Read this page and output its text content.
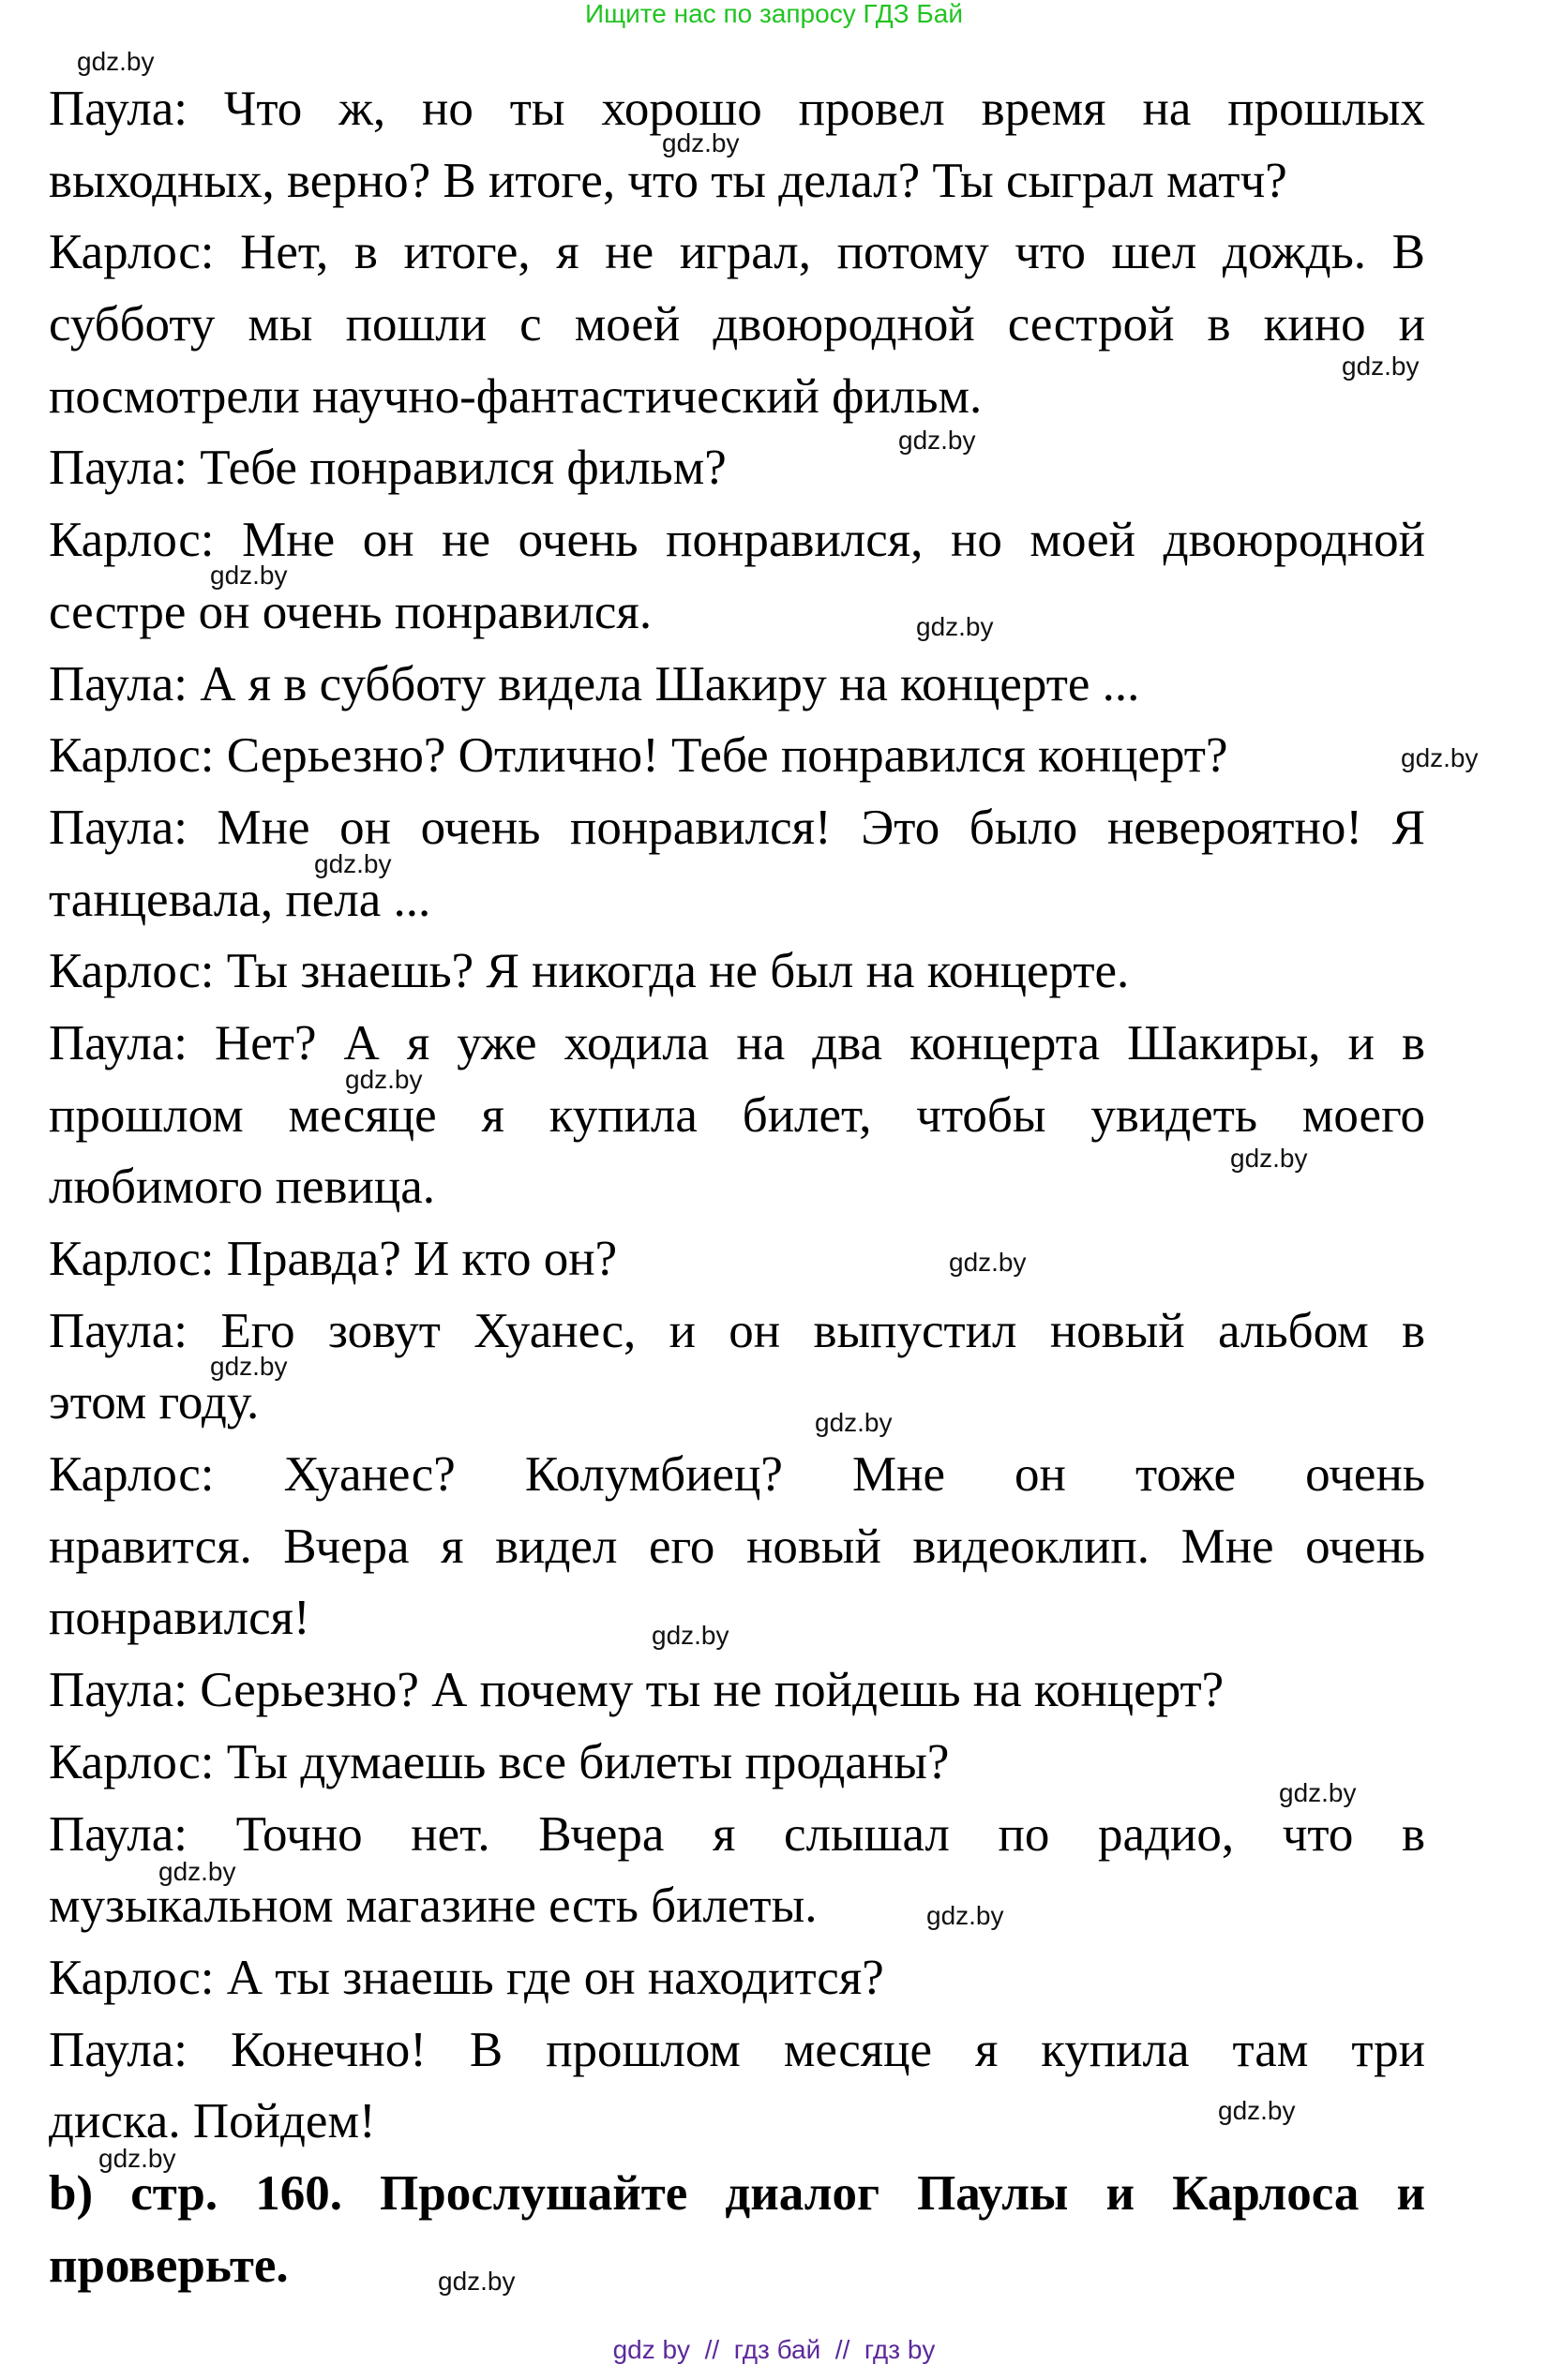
Ищите нас по запросу ГДЗ Бай
Паула: Что ж, но ты хорошо провел время на прошлых
выходных, верно? В итоге, что ты делал? Ты сыграл матч?
Карлос: Нет, в итоге, я не играл, потому что шел дождь. В
субботу мы пошли с моей двоюродной сестрой в кино и
посмотрели научно-фантастический фильм.
Паула: Тебе понравился фильм?
Карлос: Мне он не очень понравился, но моей двоюродной
сестре он очень понравился.
Паула: А я в субботу видела Шакиру на концерте ...
Карлос: Серьезно? Отлично! Тебе понравился концерт?
Паула: Мне он очень понравился! Это было невероятно! Я
танцевала, пела ...
Карлос: Ты знаешь? Я никогда не был на концерте.
Паула: Нет? А я уже ходила на два концерта Шакиры, и в
прошлом месяце я купила билет, чтобы увидеть моего
любимого певица.
Карлос: Правда? И кто он?
Паула: Его зовут Хуанес, и он выпустил новый альбом в
этом году.
Карлос: Хуанес? Колумбиец? Мне он тоже очень
нравится. Вчера я видел его новый видеоклип. Мне очень
понравился!
Паула: Серьезно? А почему ты не пойдешь на концерт?
Карлос: Ты думаешь все билеты проданы?
Паула: Точно нет. Вчера я слышал по радио, что в
музыкальном магазине есть билеты.
Карлос: А ты знаешь где он находится?
Паула: Конечно! В прошлом месяце я купила там три
диска. Пойдем!
b) стр. 160. Прослушайте диалог Паулы и Карлоса и
проверьте.
gdz.by
gdz.by
gdz.by
gdz.by
gdz.by
gdz.by
gdz.by
gdz.by
gdz.by
gdz.by
gdz.by
gdz.by
gdz.by
gdz.by
gdz.by
gdz.by
gdz.by
gdz.by
gdz.by
gdz.by
gdz by  //  гдз бай  //  гдз by
